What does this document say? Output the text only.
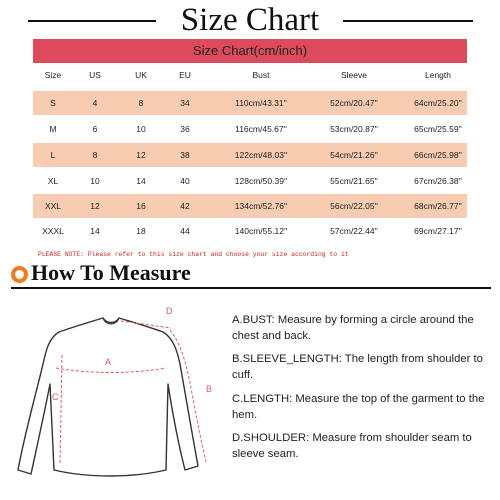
Size Chart
Size Chart(cm/inch)
Size	US	UK	EU	Bust	Sleeve	Length
S	4	8	34	110cm/43.31''	52cm/20.47''	64cm/25.20''
M	6	10	36	116cm/45.67''	53cm/20.87''	65cm/25.59''
L	8	12	38	122cm/48.03''	54cm/21.26''	66cm/25.98''
XL	10	14	40	128cm/50.39''	55cm/21.65''	67cm/26.38''
XXL	12	16	42	134cm/52.76''	56cm/22.05''	68cm/26.77''
XXXL	14	18	44	140cm/55.12''	57cm/22.44''	69cm/27.17''
PLEASE NOTE: Please refer to this size chart and choose your size according to it
How To Measure
A
B
C
D

A.BUST: Measure by forming a circle around the chest and back.

B.SLEEVE_LENGTH: The length from shoulder to cuff.

C.LENGTH: Measure the top of the garment to the hem.

D.SHOULDER: Measure from shoulder seam to sleeve seam.
